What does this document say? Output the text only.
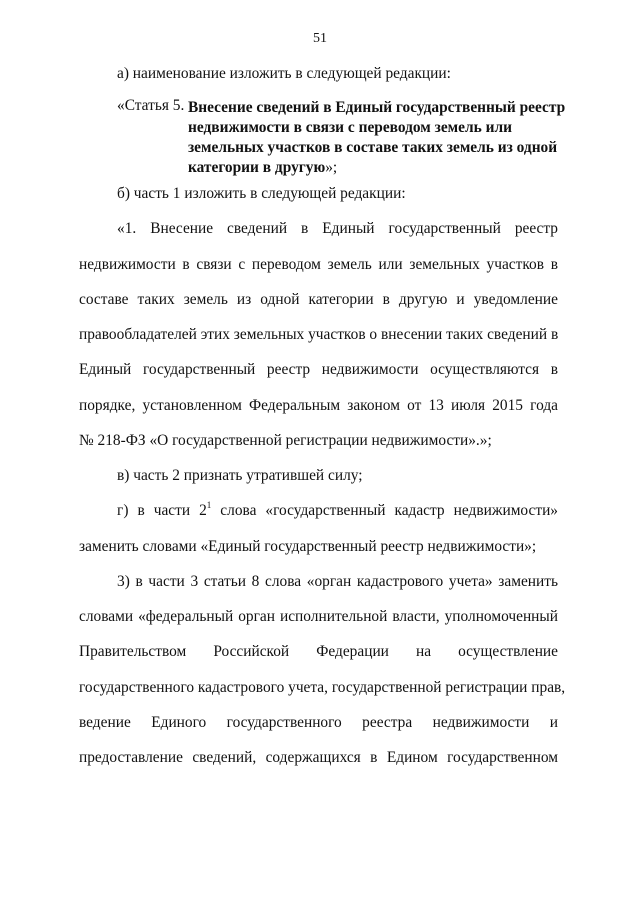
51
а) наименование изложить в следующей редакции:
«Статья 5. Внесение сведений в Единый государственный реестр
недвижимости в связи с переводом земель или
земельных участков в составе таких земель из одной
категории в другую»;
б) часть 1 изложить в следующей редакции:
«1. Внесение сведений в Единый государственный реестр
недвижимости в связи с переводом земель или земельных участков в
составе таких земель из одной категории в другую и уведомление
правообладателей этих земельных участков о внесении таких сведений в
Единый государственный реестр недвижимости осуществляются в
порядке, установленном Федеральным законом от 13 июля 2015 года
№ 218-ФЗ «О государственной регистрации недвижимости».»;
в) часть 2 признать утратившей силу;
г) в части $2^1$ слова «государственный кадастр недвижимости»
заменить словами «Единый государственный реестр недвижимости»;
3) в части 3 статьи 8 слова «орган кадастрового учета» заменить
словами «федеральный орган исполнительной власти, уполномоченный
Правительством Российской Федерации на осуществление
государственного кадастрового учета, государственной регистрации прав,
ведение Единого государственного реестра недвижимости и
предоставление сведений, содержащихся в Едином государственном
